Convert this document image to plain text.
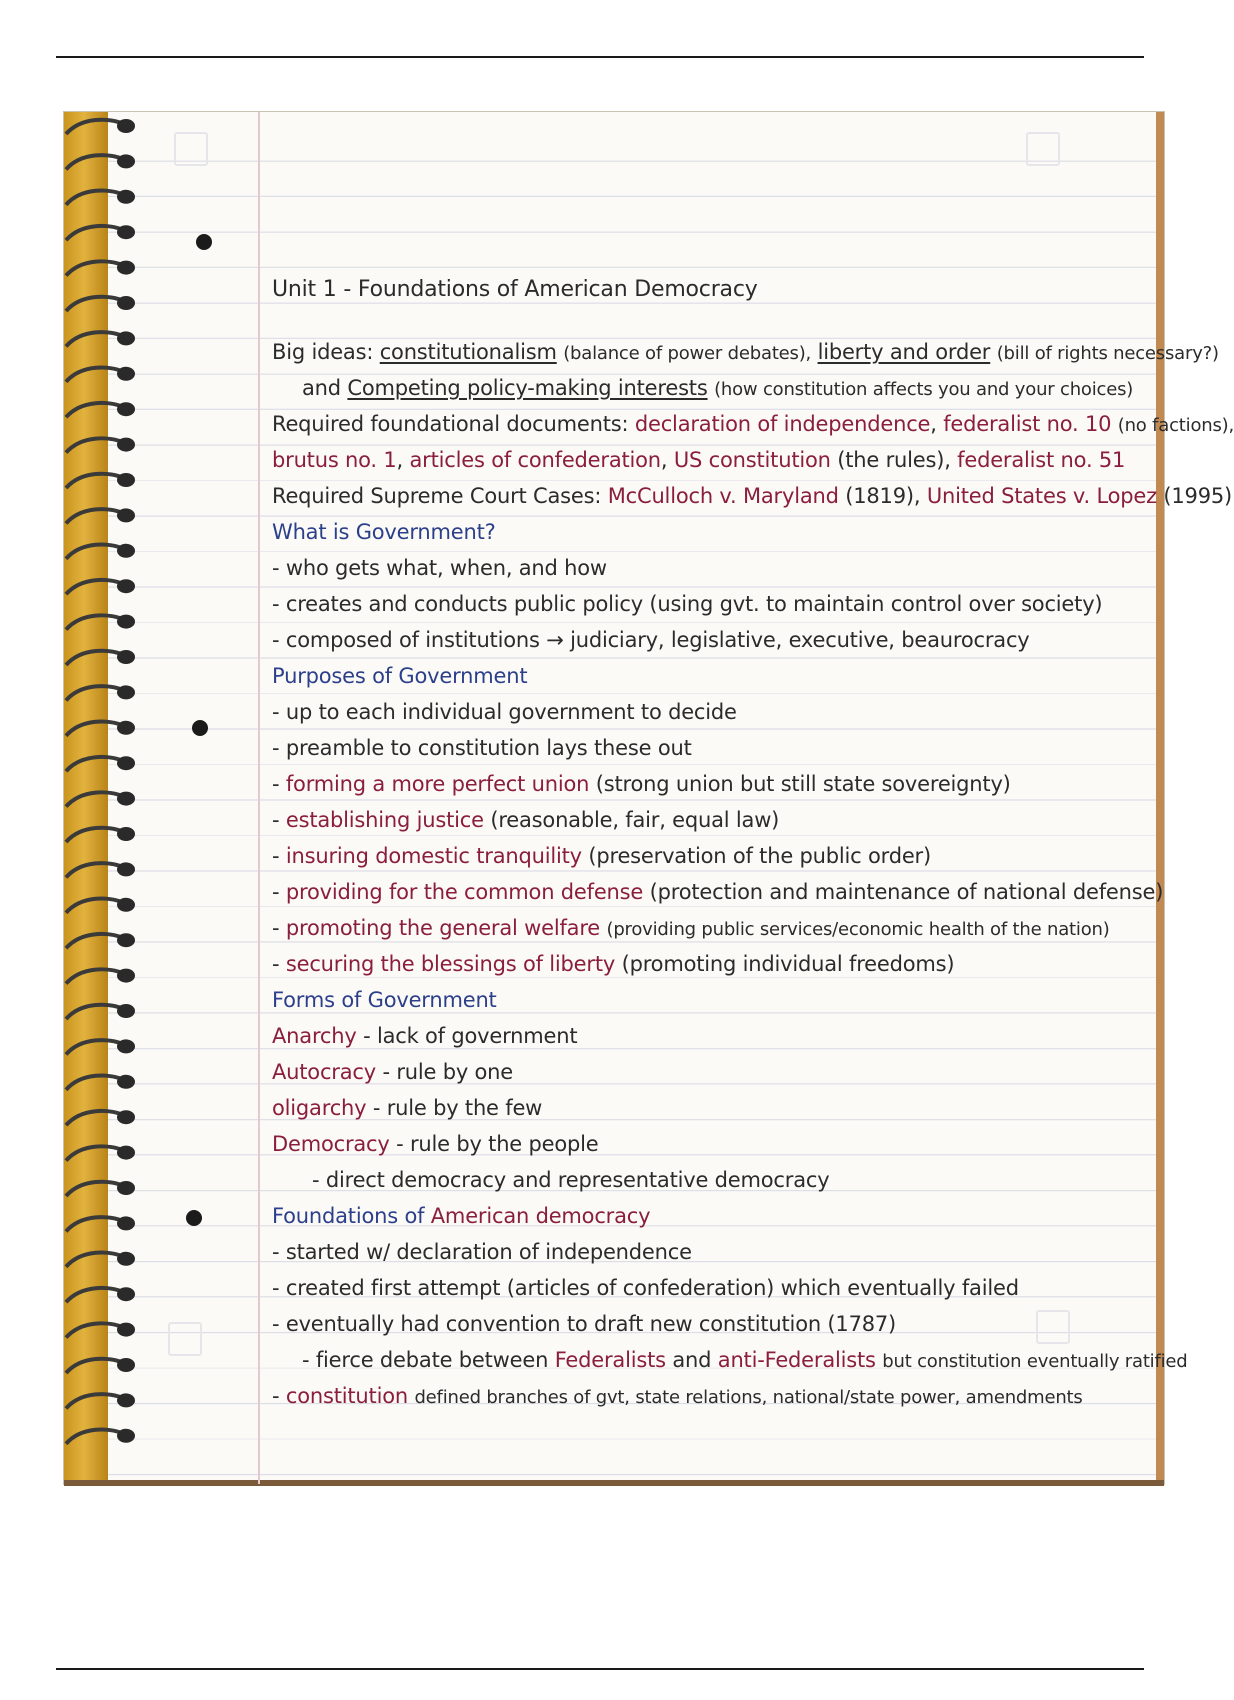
Unit 1 - Foundations of American Democracy
Big ideas: constitutionalism (balance of power debates), liberty and order (bill of rights necessary?)
and Competing policy-making interests (how constitution affects you and your choices)
Required foundational documents: declaration of independence, federalist no. 10 (no factions),
brutus no. 1, articles of confederation, US constitution (the rules), federalist no. 51
Required Supreme Court Cases: McCulloch v. Maryland (1819), United States v. Lopez (1995)
What is Government?
- who gets what, when, and how
- creates and conducts public policy (using gvt. to maintain control over society)
- composed of institutions → judiciary, legislative, executive, beaurocracy
Purposes of Government
- up to each individual government to decide
- preamble to constitution lays these out
- forming a more perfect union (strong union but still state sovereignty)
- establishing justice (reasonable, fair, equal law)
- insuring domestic tranquility (preservation of the public order)
- providing for the common defense (protection and maintenance of national defense)
- promoting the general welfare (providing public services/economic health of the nation)
- securing the blessings of liberty (promoting individual freedoms)
Forms of Government
Anarchy - lack of government
Autocracy - rule by one
oligarchy - rule by the few
Democracy - rule by the people
- direct democracy and representative democracy
Foundations of American democracy
- started w/ declaration of independence
- created first attempt (articles of confederation) which eventually failed
- eventually had convention to draft new constitution (1787)
- fierce debate between Federalists and anti-Federalists but constitution eventually ratified
- constitution defined branches of gvt, state relations, national/state power, amendments
